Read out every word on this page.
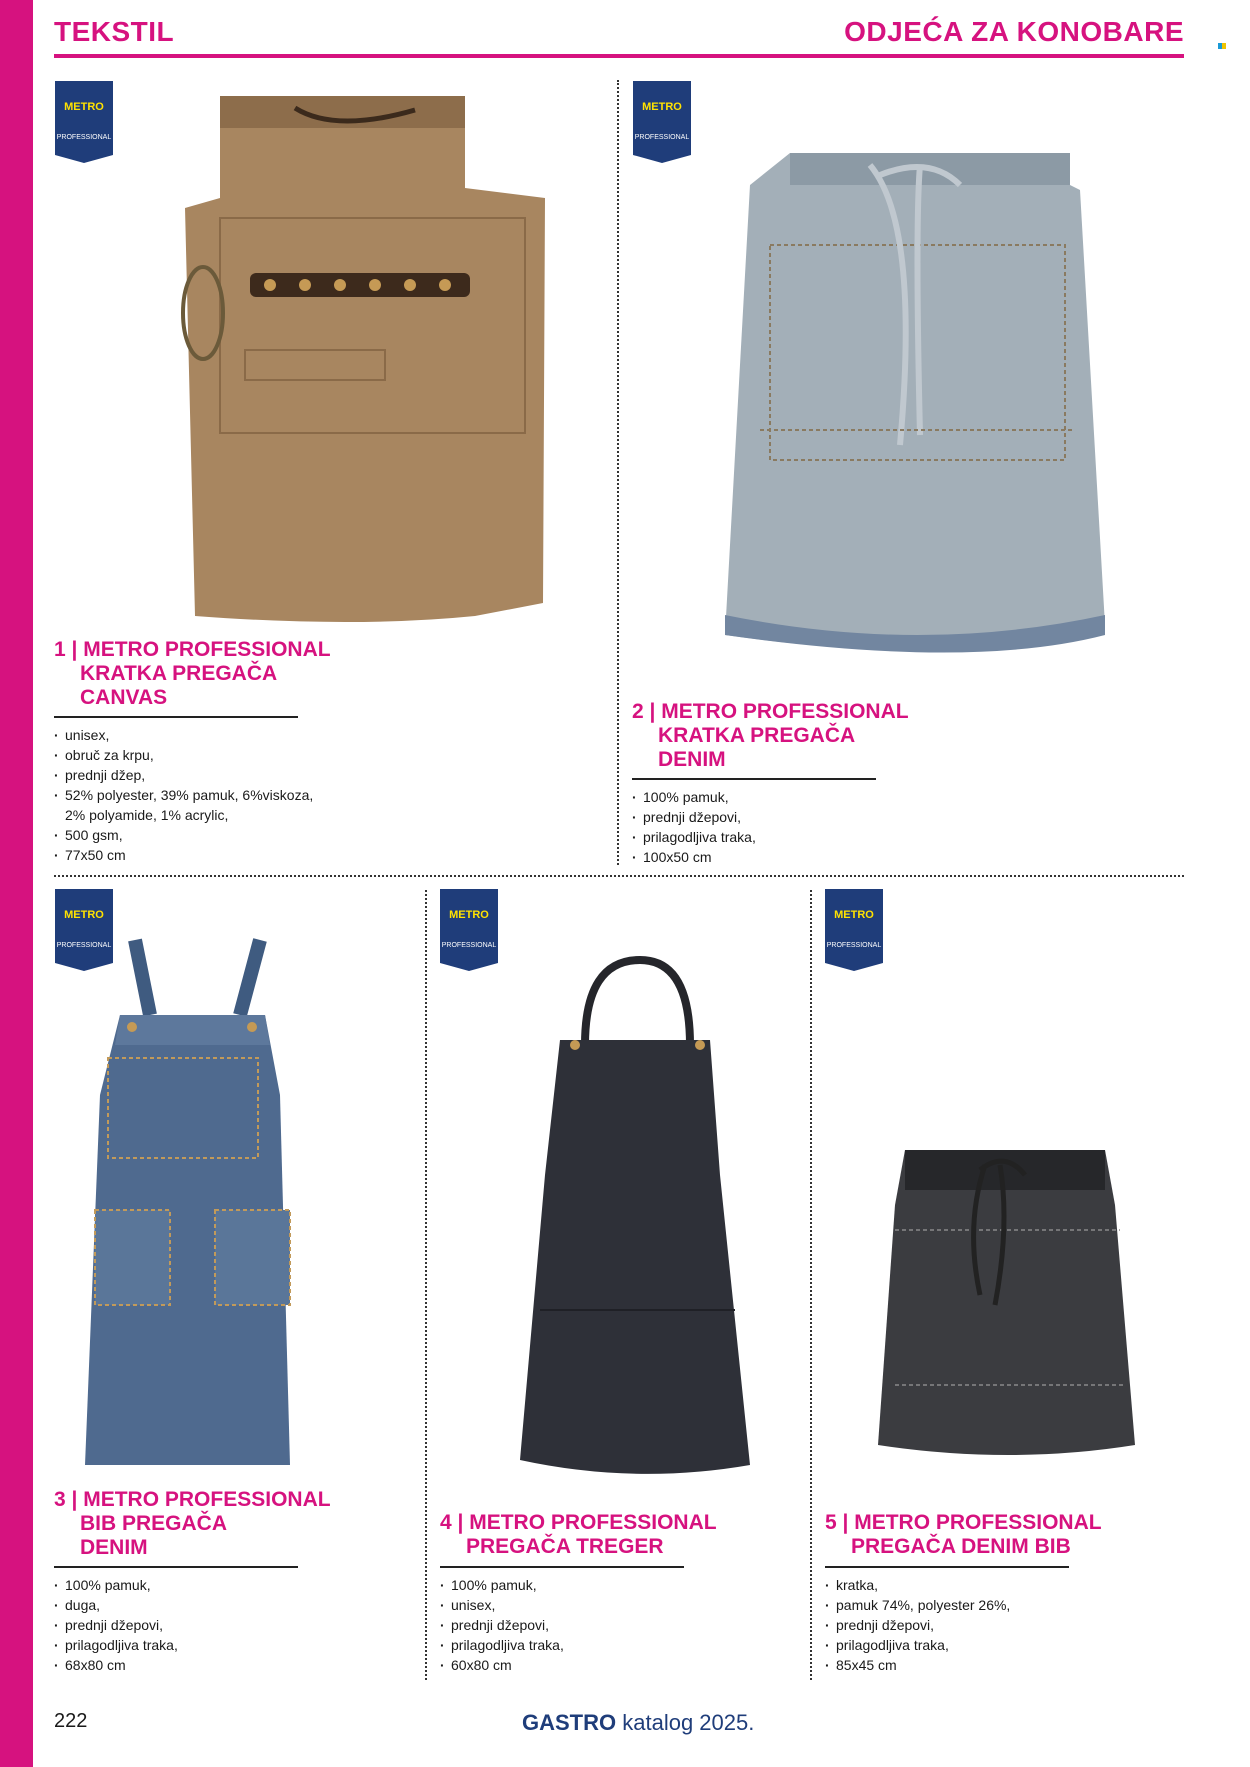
TEKSTIL	ODJEĆA ZA KONOBARE
METRO
PROFESSIONAL
1 | METRO PROFESSIONAL
KRATKA PREGAČA
CANVAS
· unisex,
· obruč za krpu,
· prednji džep,
· 52% polyester, 39% pamuk, 6%viskoza,
2% polyamide, 1% acrylic,
· 500 gsm,
· 77x50 cm
METRO
PROFESSIONAL
2 | METRO PROFESSIONAL
KRATKA PREGAČA
DENIM
· 100% pamuk,
· prednji džepovi,
· prilagodljiva traka,
· 100x50 cm
METRO
PROFESSIONAL
3 | METRO PROFESSIONAL
BIB PREGAČA
DENIM
· 100% pamuk,
· duga,
· prednji džepovi,
· prilagodljiva traka,
· 68x80 cm
METRO
PROFESSIONAL
4 | METRO PROFESSIONAL
PREGAČA TREGER
· 100% pamuk,
· unisex,
· prednji džepovi,
· prilagodljiva traka,
· 60x80 cm
METRO
PROFESSIONAL
5 | METRO PROFESSIONAL
PREGAČA DENIM BIB
· kratka,
· pamuk 74%, polyester 26%,
· prednji džepovi,
· prilagodljiva traka,
· 85x45 cm
222	GASTRO katalog 2025.
